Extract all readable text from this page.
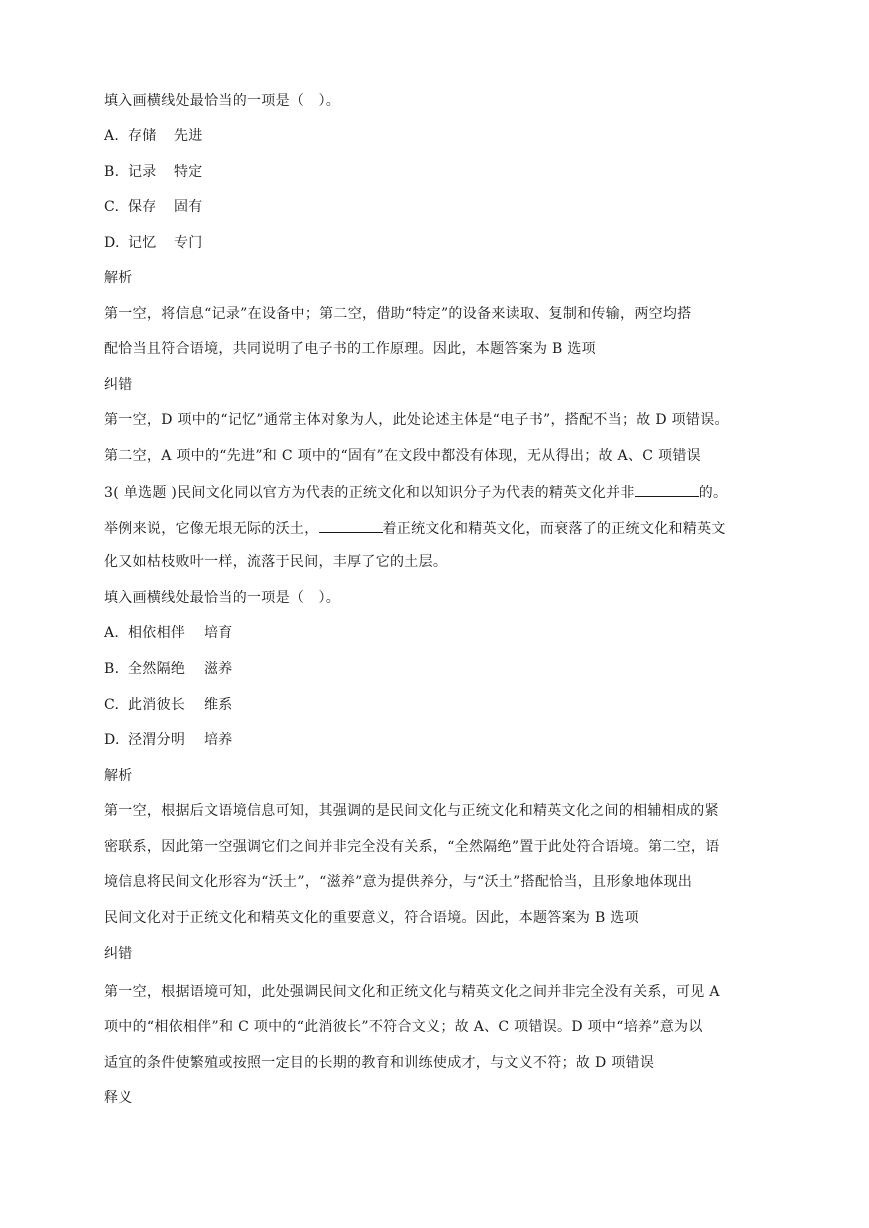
填入画横线处最恰当的一项是（　）。
A. 存储 先进
B. 记录 特定
C. 保存 固有
D. 记忆 专门
解析
第一空，将信息“记录”在设备中；第二空，借助“特定”的设备来读取、复制和传输，两空均搭
配恰当且符合语境，共同说明了电子书的工作原理。因此，本题答案为 B 选项
纠错
第一空，D 项中的“记忆”通常主体对象为人，此处论述主体是“电子书”，搭配不当；故 D 项错误。
第二空，A 项中的“先进”和 C 项中的“固有”在文段中都没有体现，无从得出；故 A、C 项错误
3( 单选题 )民间文化同以官方为代表的正统文化和以知识分子为代表的精英文化并非	的。
举例来说，它像无垠无际的沃土，	着正统文化和精英文化，而衰落了的正统文化和精英文
化又如枯枝败叶一样，流落于民间，丰厚了它的土层。
填入画横线处最恰当的一项是（　）。
A. 相依相伴 培育
B. 全然隔绝 滋养
C. 此消彼长 维系
D. 泾渭分明 培养
解析
第一空，根据后文语境信息可知，其强调的是民间文化与正统文化和精英文化之间的相辅相成的紧
密联系，因此第一空强调它们之间并非完全没有关系，“全然隔绝”置于此处符合语境。第二空，语
境信息将民间文化形容为“沃土”，“滋养”意为提供养分，与“沃土”搭配恰当，且形象地体现出
民间文化对于正统文化和精英文化的重要意义，符合语境。因此，本题答案为 B 选项
纠错
第一空，根据语境可知，此处强调民间文化和正统文化与精英文化之间并非完全没有关系，可见 A
项中的“相依相伴”和 C 项中的“此消彼长”不符合文义；故 A、C 项错误。D 项中“培养”意为以
适宜的条件使繁殖或按照一定目的长期的教育和训练使成才，与文义不符；故 D 项错误
释义
